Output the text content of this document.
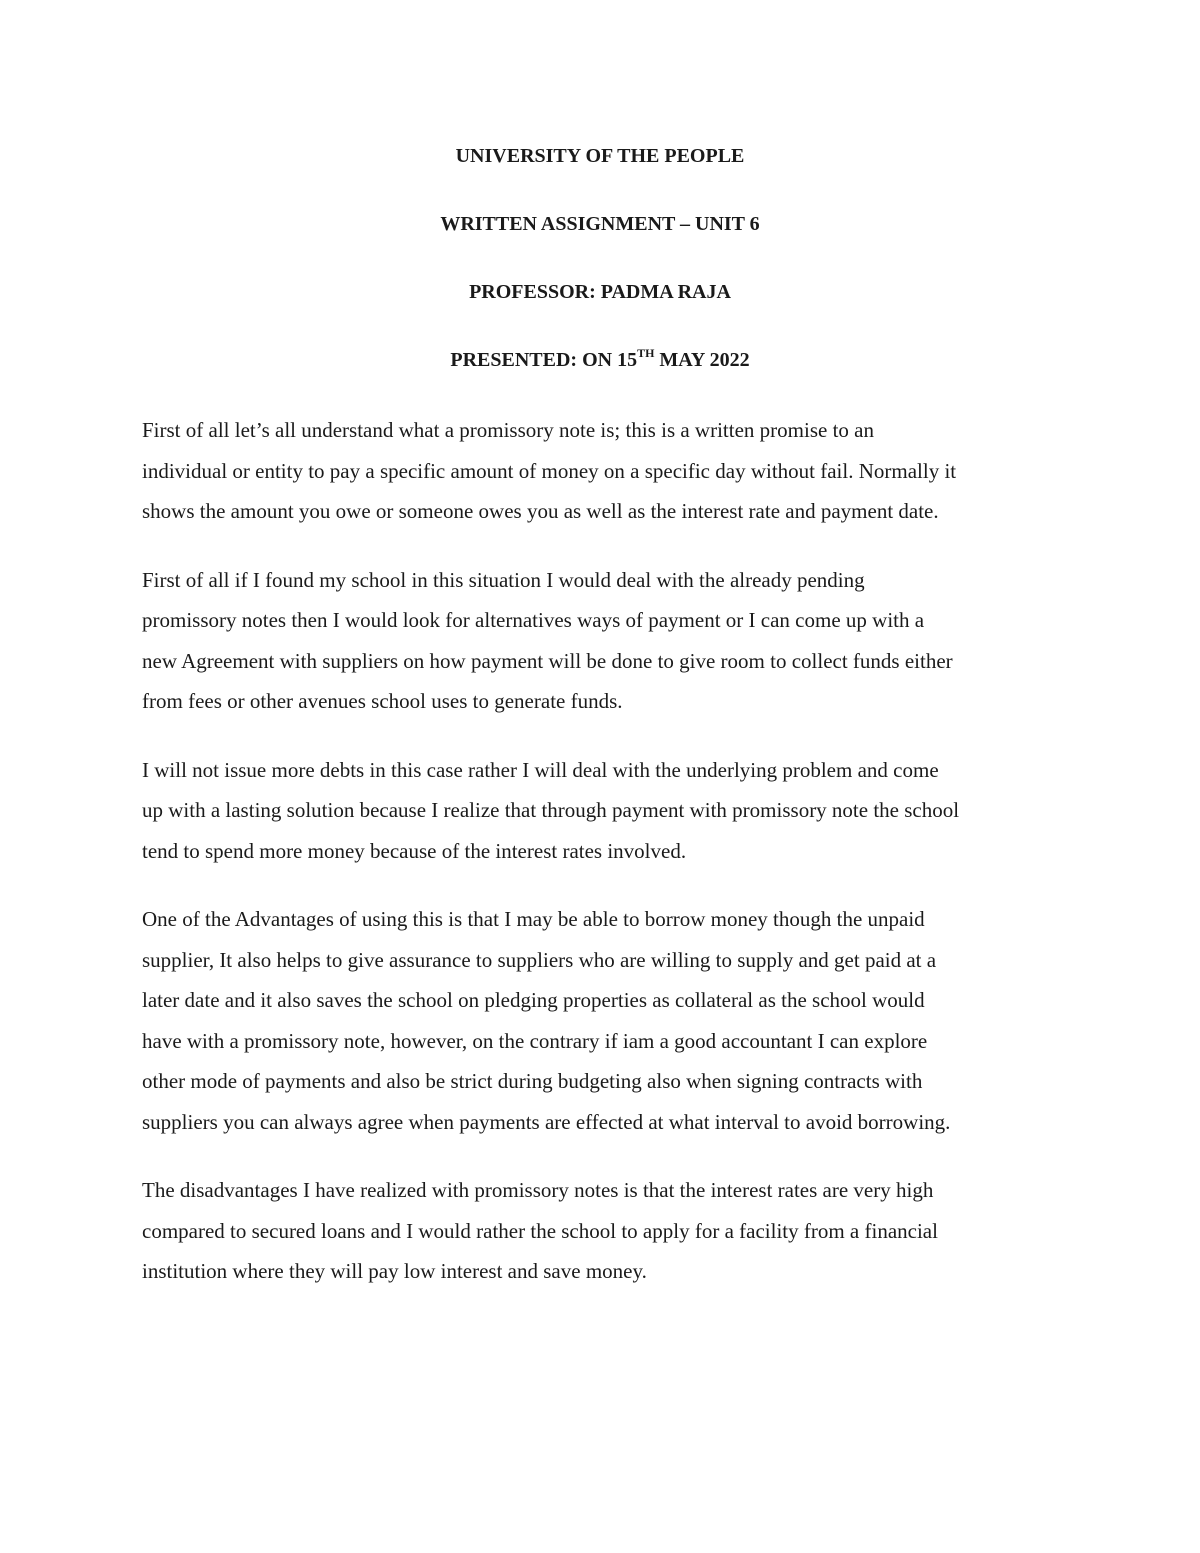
UNIVERSITY OF THE PEOPLE
WRITTEN ASSIGNMENT – UNIT 6
PROFESSOR: PADMA RAJA
PRESENTED: ON 15TH MAY 2022

First of all let’s all understand what a promissory note is; this is a written promise to an
individual or entity to pay a specific amount of money on a specific day without fail. Normally it
shows the amount you owe or someone owes you as well as the interest rate and payment date.

First of all if I found my school in this situation I would deal with the already pending
promissory notes then I would look for alternatives ways of payment or I can come up with a
new Agreement with suppliers on how payment will be done to give room to collect funds either
from fees or other avenues school uses to generate funds.

I will not issue more debts in this case rather I will deal with the underlying problem and come
up with a lasting solution because I realize that through payment with promissory note the school
tend to spend more money because of the interest rates involved.

One of the Advantages of using this is that I may be able to borrow money though the unpaid
supplier, It also helps to give assurance to suppliers who are willing to supply and get paid at a
later date and it also saves the school on pledging properties as collateral as the school would
have with a promissory note, however, on the contrary if iam a good accountant I can explore
other mode of payments and also be strict during budgeting also when signing contracts with
suppliers you can always agree when payments are effected at what interval to avoid borrowing.

The disadvantages I have realized with promissory notes is that the interest rates are very high
compared to secured loans and I would rather the school to apply for a facility from a financial
institution where they will pay low interest and save money.
